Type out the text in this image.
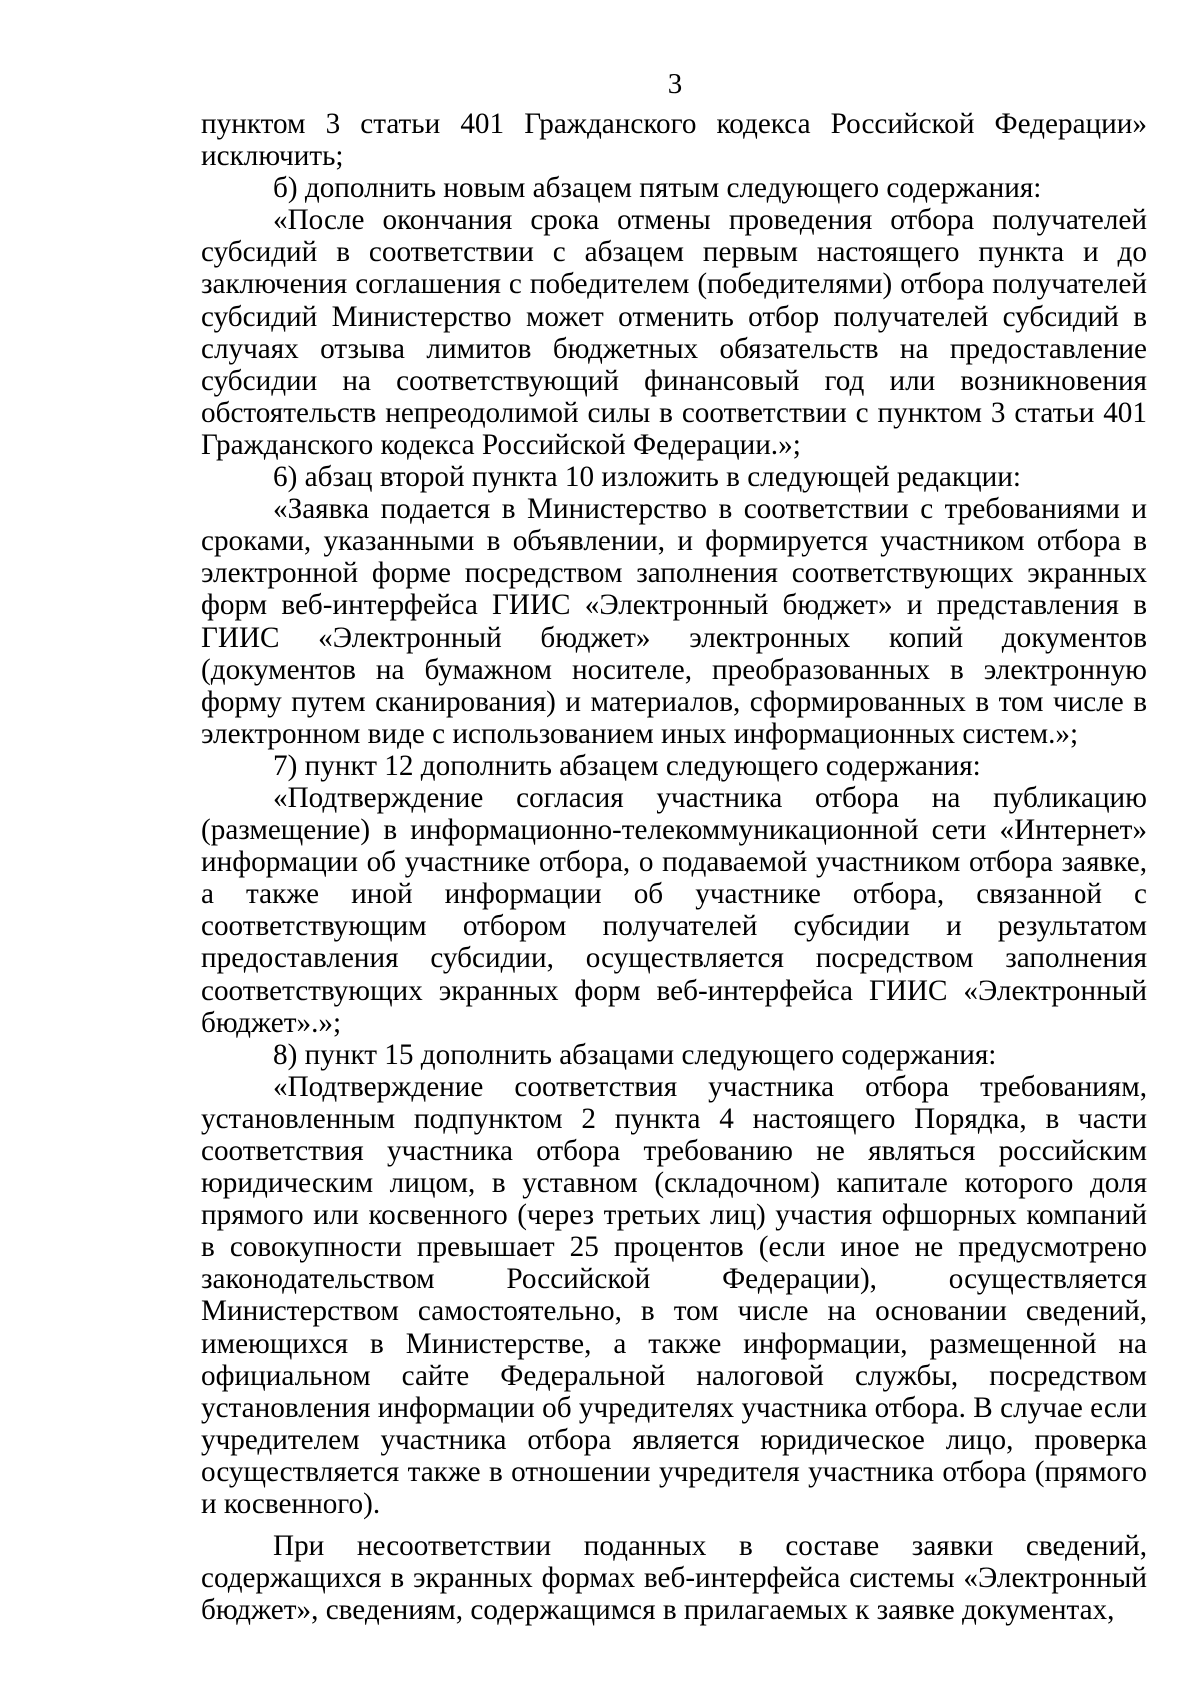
3

пунктом 3 статьи 401 Гражданского кодекса Российской Федерации» исключить;

б) дополнить новым абзацем пятым следующего содержания:

«После окончания срока отмены проведения отбора получателей субсидий в соответствии с абзацем первым настоящего пункта и до заключения соглашения с победителем (победителями) отбора получателей субсидий Министерство может отменить отбор получателей субсидий в случаях отзыва лимитов бюджетных обязательств на предоставление субсидии на соответствующий финансовый год или возникновения обстоятельств непреодолимой силы в соответствии с пунктом 3 статьи 401 Гражданского кодекса Российской Федерации.»;

6) абзац второй пункта 10 изложить в следующей редакции:

«Заявка подается в Министерство в соответствии с требованиями и сроками, указанными в объявлении, и формируется участником отбора в электронной форме посредством заполнения соответствующих экранных форм веб-интерфейса ГИИС «Электронный бюджет» и представления в ГИИС «Электронный бюджет» электронных копий документов (документов на бумажном носителе, преобразованных в электронную форму путем сканирования) и материалов, сформированных в том числе в электронном виде с использованием иных информационных систем.»;

7) пункт 12 дополнить абзацем следующего содержания:

«Подтверждение согласия участника отбора на публикацию (размещение) в информационно-телекоммуникационной сети «Интернет» информации об участнике отбора, о подаваемой участником отбора заявке, а также иной информации об участнике отбора, связанной с соответствующим отбором получателей субсидии и результатом предоставления субсидии, осуществляется посредством заполнения соответствующих экранных форм веб-интерфейса ГИИС «Электронный бюджет».»;

8) пункт 15 дополнить абзацами следующего содержания:

«Подтверждение соответствия участника отбора требованиям, установленным подпунктом 2 пункта 4 настоящего Порядка, в части соответствия участника отбора требованию не являться российским юридическим лицом, в уставном (складочном) капитале которого доля прямого или косвенного (через третьих лиц) участия офшорных компаний в совокупности превышает 25 процентов (если иное не предусмотрено законодательством Российской Федерации), осуществляется Министерством самостоятельно, в том числе на основании сведений, имеющихся в Министерстве, а также информации, размещенной на официальном сайте Федеральной налоговой службы, посредством установления информации об учредителях участника отбора. В случае если учредителем участника отбора является юридическое лицо, проверка осуществляется также в отношении учредителя участника отбора (прямого и косвенного).

При несоответствии поданных в составе заявки сведений, содержащихся в экранных формах веб-интерфейса системы «Электронный бюджет», сведениям, содержащимся в прилагаемых к заявке документах,
